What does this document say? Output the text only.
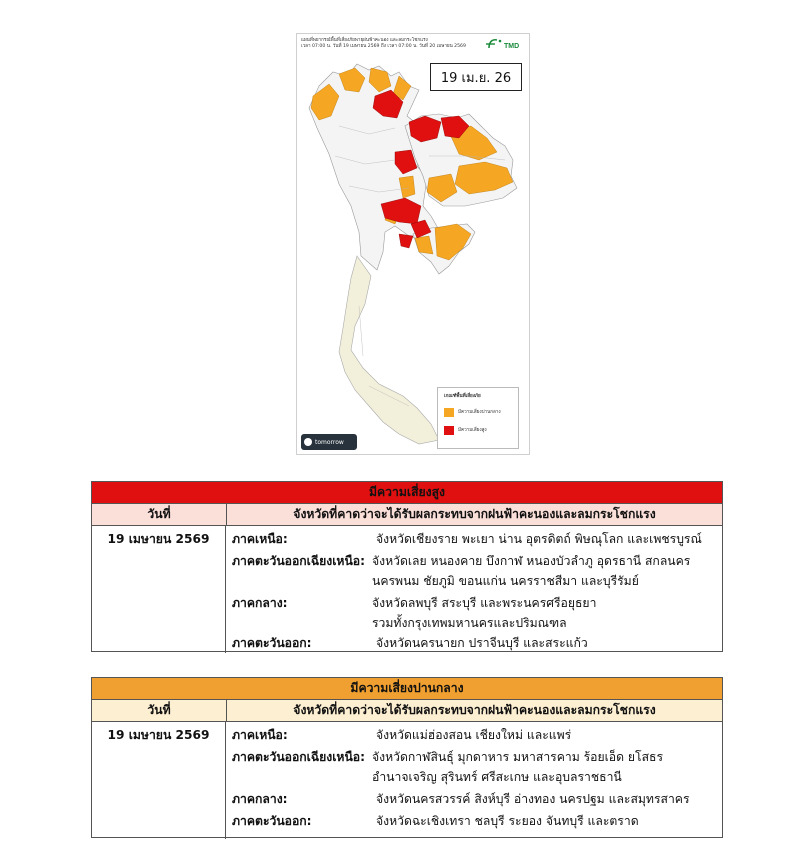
แผนที่พยากรณ์พื้นที่เสี่ยงภัยพายุฝนฟ้าคะนอง และลมกระโชกแรง
เวลา 07:00 น. วันที่ 19 เมษายน 2569 ถึง เวลา 07:00 น. วันที่ 20 เมษายน 2569	TMD
19 เม.ย. 26
เกณฑ์พื้นที่เสี่ยงภัย
มีความเสี่ยงปานกลาง
มีความเสี่ยงสูง
tomorrow
มีความเสี่ยงสูง
วันที่	จังหวัดที่คาดว่าจะได้รับผลกระทบจากฝนฟ้าคะนองและลมกระโชกแรง
19 เมษายน 2569	ภาคเหนือ:	จังหวัดเชียงราย พะเยา น่าน อุตรดิตถ์ พิษณุโลก และเพชรบูรณ์
ภาคตะวันออกเฉียงเหนือ: จังหวัดเลย หนองคาย บึงกาฬ หนองบัวลำภู อุดรธานี สกลนคร
นครพนม ชัยภูมิ ขอนแก่น นครราชสีมา และบุรีรัมย์
ภาคกลาง:	จังหวัดลพบุรี สระบุรี และพระนครศรีอยุธยา
รวมทั้งกรุงเทพมหานครและปริมณฑล
ภาคตะวันออก:	จังหวัดนครนายก ปราจีนบุรี และสระแก้ว
มีความเสี่ยงปานกลาง
วันที่	จังหวัดที่คาดว่าจะได้รับผลกระทบจากฝนฟ้าคะนองและลมกระโชกแรง
19 เมษายน 2569	ภาคเหนือ:	จังหวัดแม่ฮ่องสอน เชียงใหม่ และแพร่
ภาคตะวันออกเฉียงเหนือ: จังหวัดกาฬสินธุ์ มุกดาหาร มหาสารคาม ร้อยเอ็ด ยโสธร
อำนาจเจริญ สุรินทร์ ศรีสะเกษ และอุบลราชธานี
ภาคกลาง:	จังหวัดนครสวรรค์ สิงห์บุรี อ่างทอง นครปฐม และสมุทรสาคร
ภาคตะวันออก:	จังหวัดฉะเชิงเทรา ชลบุรี ระยอง จันทบุรี และตราด
